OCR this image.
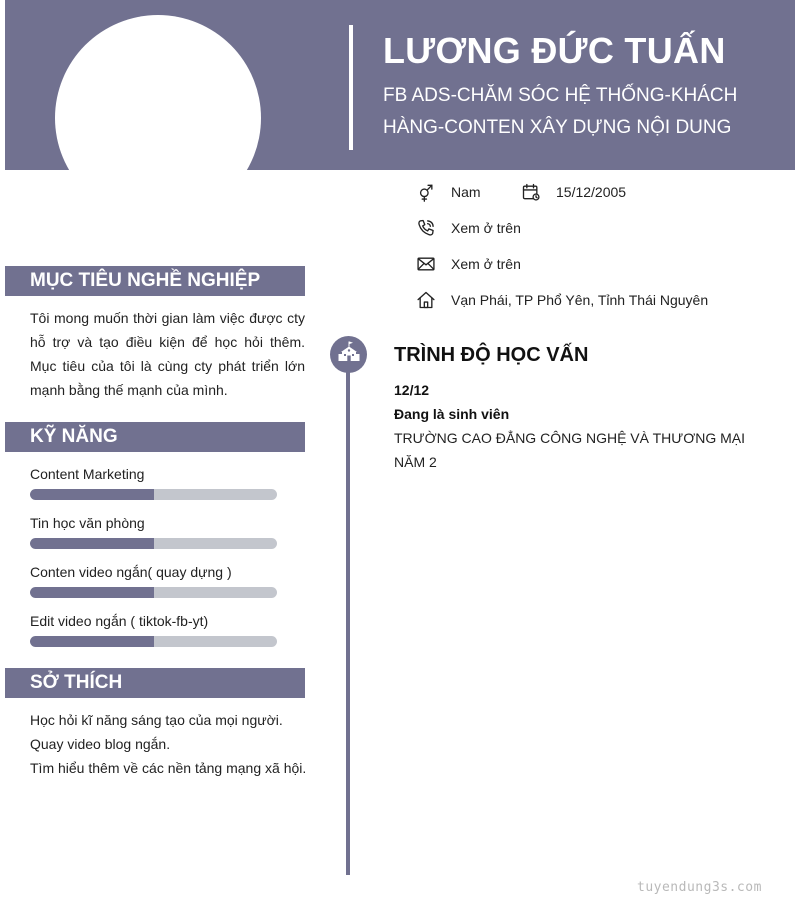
LƯƠNG ĐỨC TUẤN
FB ADS-CHĂM SÓC HỆ THỐNG-KHÁCH HÀNG-CONTEN XÂY DỰNG NỘI DUNG
Nam	15/12/2005
Xem ở trên
Xem ở trên
Vạn Phái, TP Phổ Yên, Tỉnh Thái Nguyên
MỤC TIÊU NGHỀ NGHIỆP
Tôi mong muốn thời gian làm việc được cty hỗ trợ và tạo điều kiện để học hỏi thêm. Mục tiêu của tôi là cùng cty phát triển lớn mạnh bằng thế mạnh của mình.
KỸ NĂNG
Content Marketing
Tin học văn phòng
Conten video ngắn( quay dựng )
Edit video ngắn ( tiktok-fb-yt)
SỞ THÍCH
Học hỏi kĩ năng sáng tạo của mọi người.
Quay video blog ngắn.
Tìm hiểu thêm về các nền tảng mạng xã hội.
TRÌNH ĐỘ HỌC VẤN
12/12
Đang là sinh viên
TRƯỜNG CAO ĐẲNG CÔNG NGHỆ VÀ THƯƠNG MẠI
NĂM 2
tuyendung3s.com
